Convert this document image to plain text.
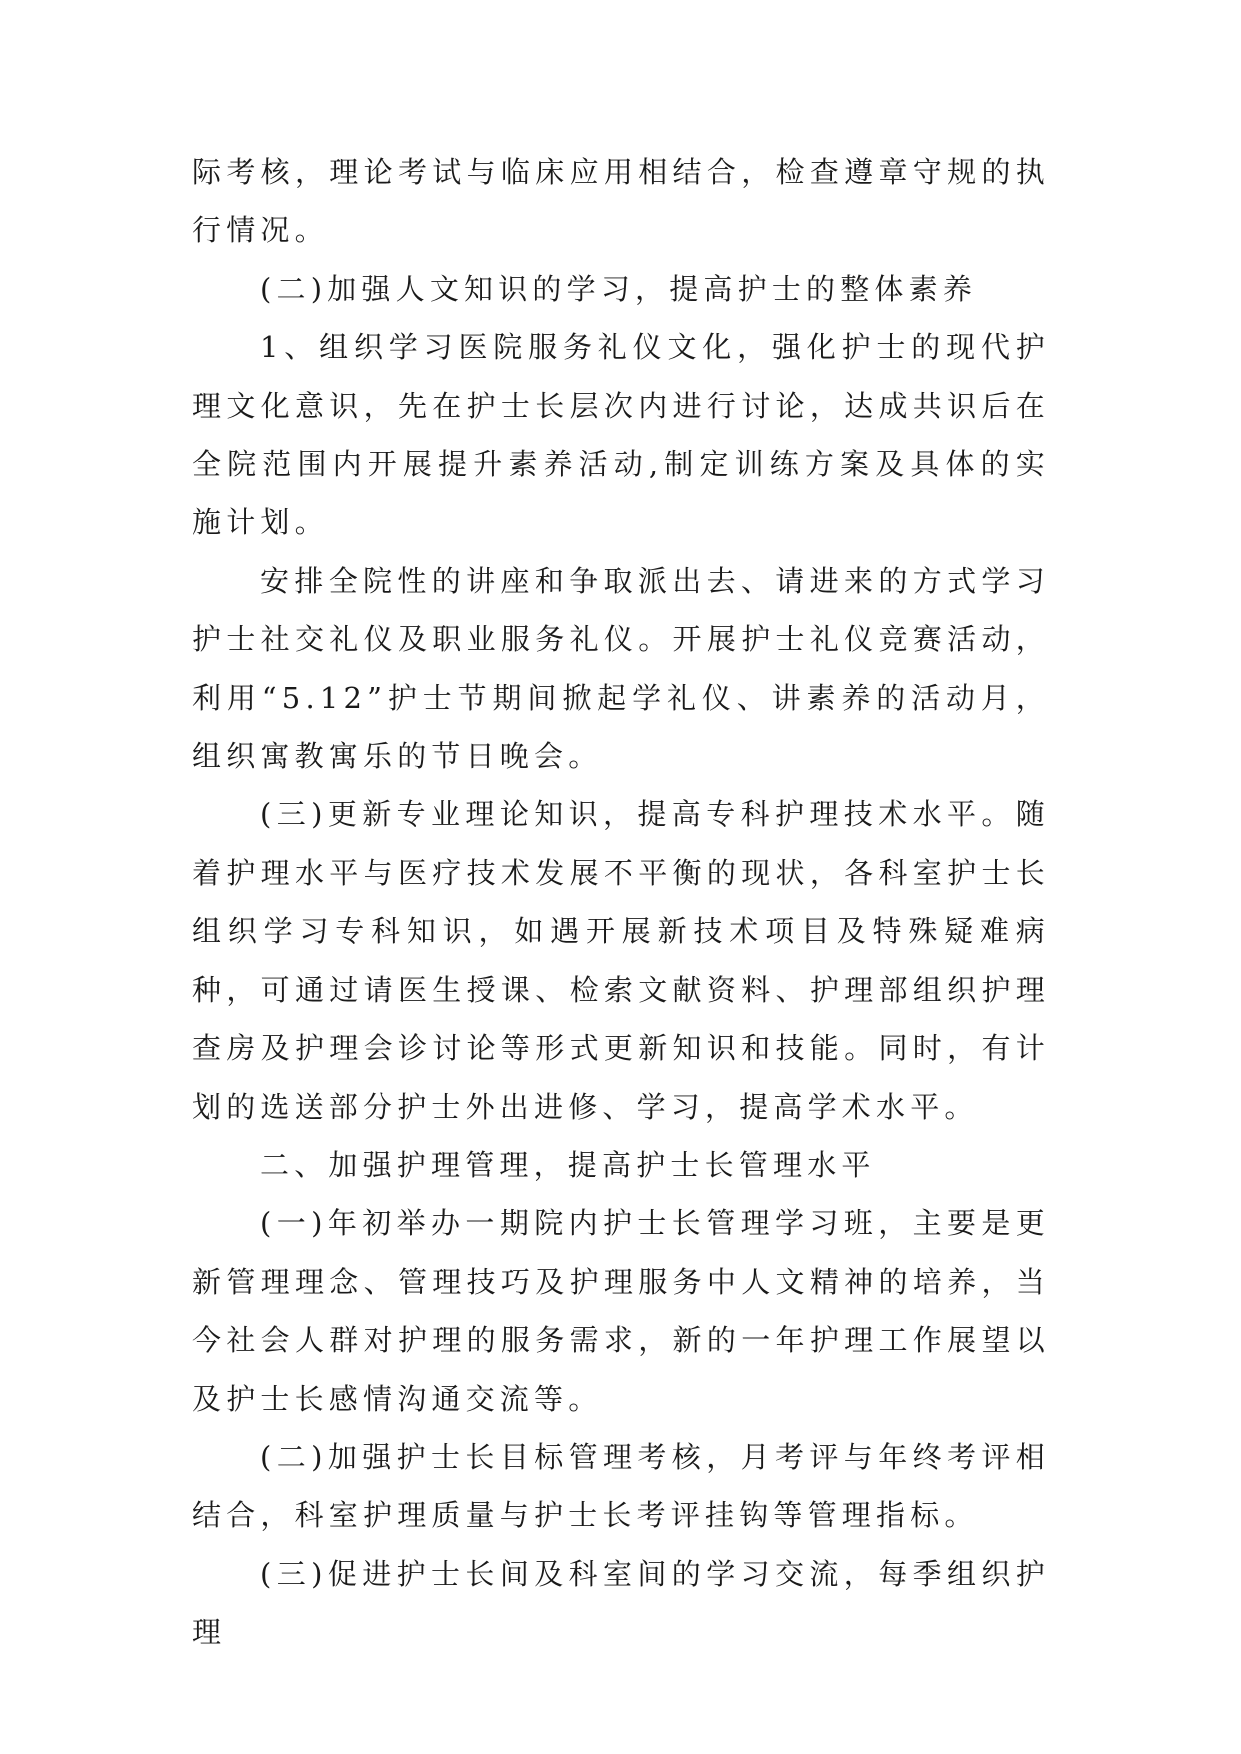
际考核，理论考试与临床应用相结合，检查遵章守规的执行情况。

(二)加强人文知识的学习，提高护士的整体素养

1、组织学习医院服务礼仪文化，强化护士的现代护理文化意识，先在护士长层次内进行讨论，达成共识后在全院范围内开展提升素养活动,制定训练方案及具体的实施计划。

安排全院性的讲座和争取派出去、请进来的方式学习护士社交礼仪及职业服务礼仪。开展护士礼仪竞赛活动，利用“5.12”护士节期间掀起学礼仪、讲素养的活动月，组织寓教寓乐的节日晚会。

(三)更新专业理论知识，提高专科护理技术水平。随着护理水平与医疗技术发展不平衡的现状，各科室护士长组织学习专科知识，如遇开展新技术项目及特殊疑难病种，可通过请医生授课、检索文献资料、护理部组织护理查房及护理会诊讨论等形式更新知识和技能。同时，有计划的选送部分护士外出进修、学习，提高学术水平。

二、加强护理管理，提高护士长管理水平

(一)年初举办一期院内护士长管理学习班，主要是更新管理理念、管理技巧及护理服务中人文精神的培养，当今社会人群对护理的服务需求，新的一年护理工作展望以及护士长感情沟通交流等。

(二)加强护士长目标管理考核，月考评与年终考评相结合，科室护理质量与护士长考评挂钩等管理指标。

(三)促进护士长间及科室间的学习交流，每季组织护理
